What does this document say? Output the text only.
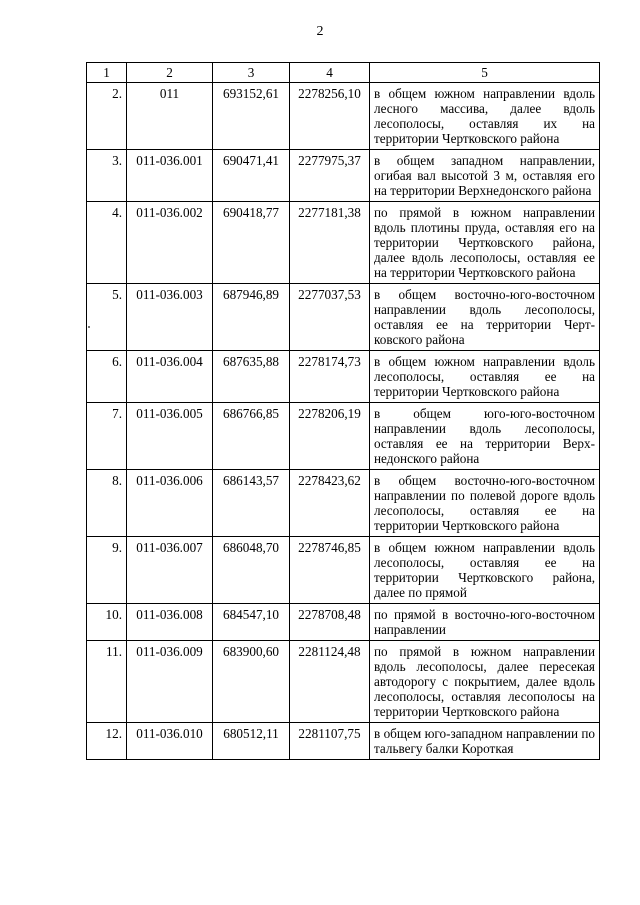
2
1	2	3	4	5
2.	011	693152,61	2278256,10	в общем южном направлении вдоль лесного массива, далее вдоль лесополосы, оставляя их на территории Чертковского района
3.	011-036.001	690471,41	2277975,37	в общем западном направлении, огибая вал высотой 3 м, оставляя его на территории Верхнедонского района
4.	011-036.002	690418,77	2277181,38	по прямой в южном направлении вдоль плотины пруда, оставляя его на территории Чертковского района, далее вдоль лесополосы, оставляя ее на территории Чертковского района
5.	011-036.003	687946,89	2277037,53	в общем восточно-юго-восточном направлении вдоль лесополосы, оставляя ее на территории Чертковского района
6.	011-036.004	687635,88	2278174,73	в общем южном направлении вдоль лесополосы, оставляя ее на территории Чертковского района
7.	011-036.005	686766,85	2278206,19	в общем юго-юго-восточном направлении вдоль лесополосы, оставляя ее на территории Верхнедонского района
8.	011-036.006	686143,57	2278423,62	в общем восточно-юго-восточном направлении по полевой дороге вдоль лесополосы, оставляя ее на территории Чертковского района
9.	011-036.007	686048,70	2278746,85	в общем южном направлении вдоль лесополосы, оставляя ее на территории Чертковского района, далее по прямой
10.	011-036.008	684547,10	2278708,48	по прямой в восточно-юго-восточном направлении
11.	011-036.009	683900,60	2281124,48	по прямой в южном направлении вдоль лесополосы, далее пересекая автодорогу с покрытием, далее вдоль лесополосы, оставляя лесополосы на территории Чертковского района
12.	011-036.010	680512,11	2281107,75	в общем юго-западном направлении по тальвегу балки Короткая
